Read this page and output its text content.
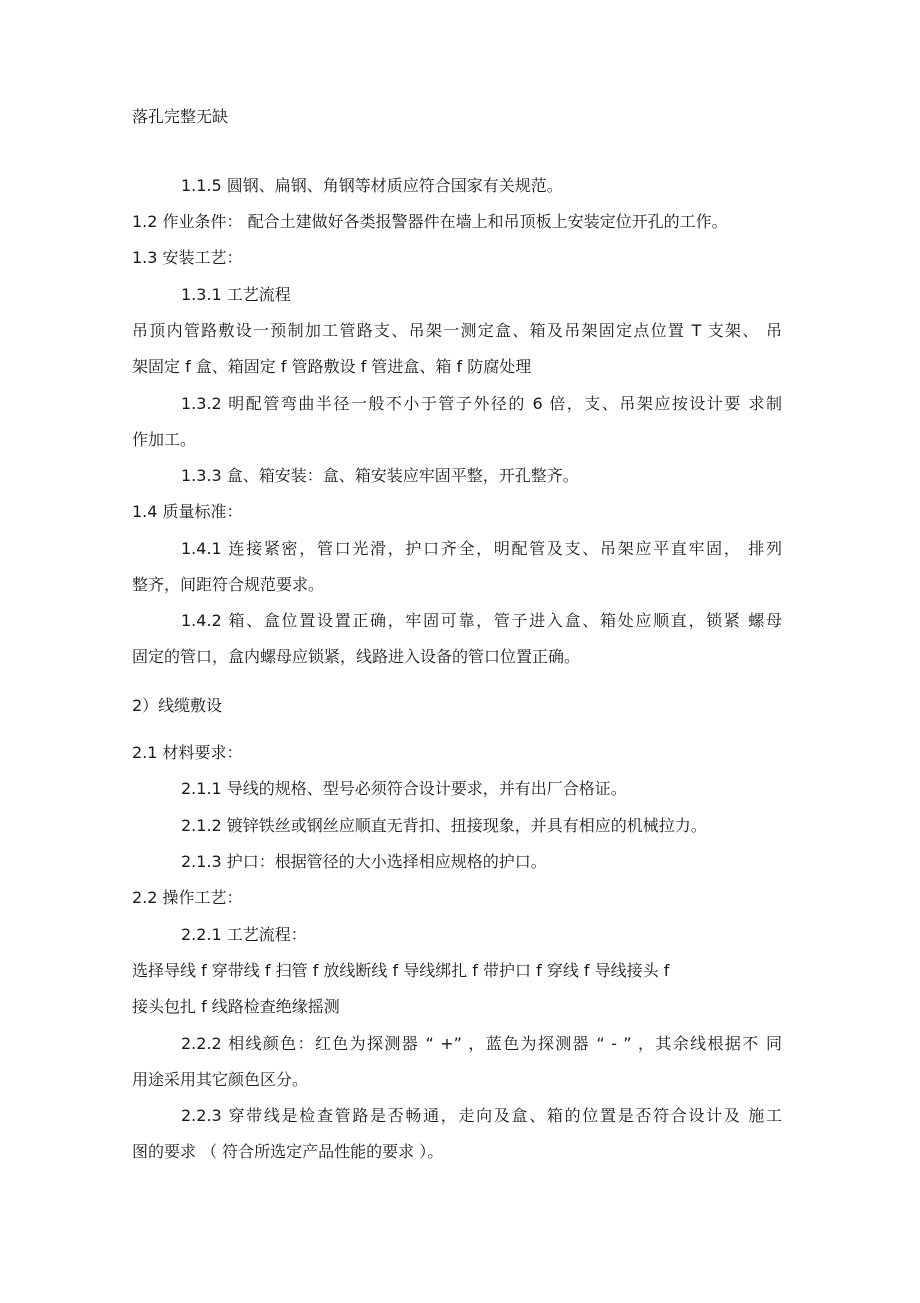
落孔完整无缺
1.1.5 圆钢、扁钢、角钢等材质应符合国家有关规范。
1.2 作业条件： 配合土建做好各类报警器件在墙上和吊顶板上安装定位开孔的工作。
1.3 安装工艺：
1.3.1 工艺流程
吊顶内管路敷设一预制加工管路支、吊架一测定盒、箱及吊架固定点位置 T 支架、 吊
架固定 f 盒、箱固定 f 管路敷设 f 管进盒、箱 f 防腐处理
1.3.2 明配管弯曲半径一般不小于管子外径的 6 倍，支、吊架应按设计要 求制
作加工。
1.3.3 盒、箱安装：盒、箱安装应牢固平整，开孔整齐。
1.4 质量标准：
1.4.1 连接紧密，管口光滑，护口齐全，明配管及支、吊架应平直牢固， 排列
整齐，间距符合规范要求。
1.4.2 箱、盒位置设置正确，牢固可靠，管子进入盒、箱处应顺直，锁紧 螺母
固定的管口，盒内螺母应锁紧，线路进入设备的管口位置正确。
2）线缆敷设
2.1 材料要求：
2.1.1 导线的规格、型号必须符合设计要求，并有出厂合格证。
2.1.2 镀锌铁丝或钢丝应顺直无背扣、扭接现象，并具有相应的机械拉力。
2.1.3 护口：根据管径的大小选择相应规格的护口。
2.2 操作工艺：
2.2.1 工艺流程：
选择导线 f 穿带线 f 扫管 f 放线断线 f 导线绑扎 f 带护口 f 穿线 f 导线接头 f
接头包扎 f 线路检查绝缘摇测
2.2.2 相线颜色：红色为探测器 “ +” ，蓝色为探测器 “ - ” ，其余线根据不 同
用途采用其它颜色区分。
2.2.3 穿带线是检查管路是否畅通，走向及盒、箱的位置是否符合设计及 施工
图的要求 （ 符合所选定产品性能的要求 ）。
